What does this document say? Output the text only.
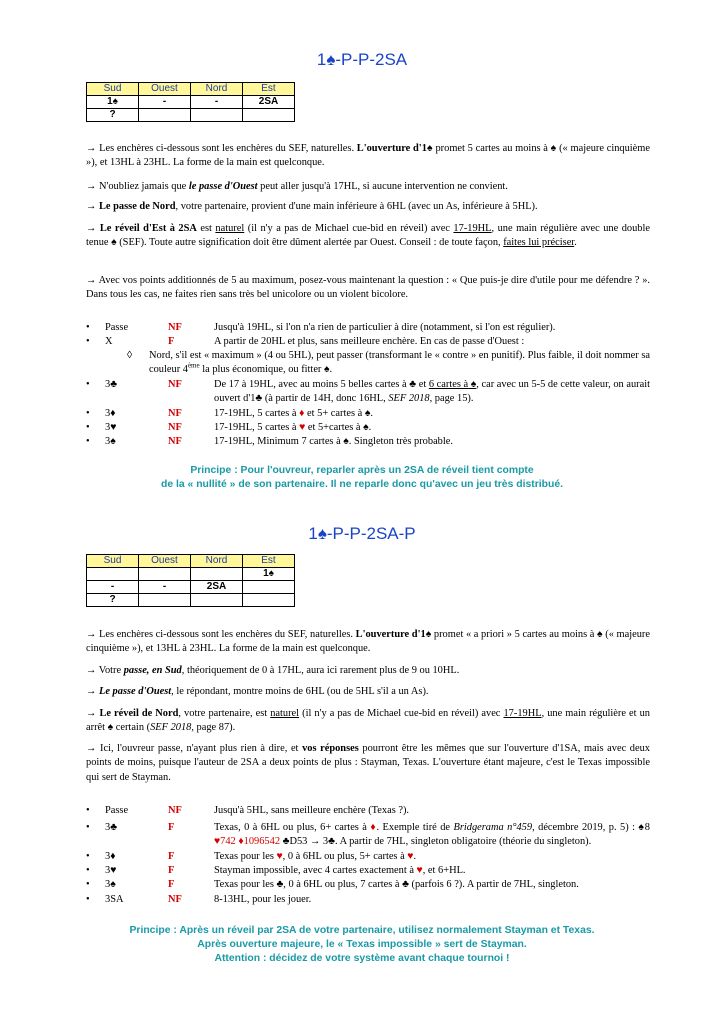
1♠-P-P-2SA
Sud	Ouest	Nord	Est
1♠	-	-	2SA
?			
→ Les enchères ci-dessous sont les enchères du SEF, naturelles. L'ouverture d'1♠ promet 5 cartes au moins à ♠ (« majeure cinquième »), et 13HL à 23HL. La forme de la main est quelconque.
→ N'oubliez jamais que le passe d'Ouest peut aller jusqu'à 17HL, si aucune intervention ne convient.
→ Le passe de Nord, votre partenaire, provient d'une main inférieure à 6HL (avec un As, inférieure à 5HL).
→ Le réveil d'Est à 2SA est naturel (il n'y a pas de Michael cue-bid en réveil) avec 17-19HL, une main régulière avec une double tenue ♠ (SEF). Toute autre signification doit être dûment alertée par Ouest. Conseil : de toute façon, faites lui préciser.
→ Avec vos points additionnés de 5 au maximum, posez-vous maintenant la question : « Que puis-je dire d'utile pour me défendre ? ». Dans tous les cas, ne faites rien sans très bel unicolore ou un violent bicolore.
• Passe	NF	Jusqu'à 19HL, si l'on n'a rien de particulier à dire (notamment, si l'on est régulier).
• X	F	A partir de 20HL et plus, sans meilleure enchère. En cas de passe d'Ouest :
◊	Nord, s'il est « maximum » (4 ou 5HL), peut passer (transformant le « contre » en punitif). Plus faible, il doit nommer sa couleur 4ème la plus économique, ou fitter ♠.
• 3♣	NF	De 17 à 19HL, avec au moins 5 belles cartes à ♣ et 6 cartes à ♠, car avec un 5-5 de cette valeur, on aurait ouvert d'1♣ (à partir de 14H, donc 16HL, SEF 2018, page 15).
• 3♦	NF	17-19HL, 5 cartes à ♦ et 5+ cartes à ♠.
• 3♥	NF	17-19HL, 5 cartes à ♥ et 5+cartes à ♠.
• 3♠	NF	17-19HL, Minimum 7 cartes à ♠. Singleton très probable.
Principe : Pour l'ouvreur, reparler après un 2SA de réveil tient compte
de la « nullité » de son partenaire. Il ne reparle donc qu'avec un jeu très distribué.
1♠-P-P-2SA-P
Sud	Ouest	Nord	Est
			1♠
-	-	2SA	
?			
→ Les enchères ci-dessous sont les enchères du SEF, naturelles. L'ouverture d'1♠ promet « a priori » 5 cartes au moins à ♠ (« majeure cinquième »), et 13HL à 23HL. La forme de la main est quelconque.
→ Votre passe, en Sud, théoriquement de 0 à 17HL, aura ici rarement plus de 9 ou 10HL.
→ Le passe d'Ouest, le répondant, montre moins de 6HL (ou de 5HL s'il a un As).
→ Le réveil de Nord, votre partenaire, est naturel (il n'y a pas de Michael cue-bid en réveil) avec 17-19HL, une main régulière et un arrêt ♠ certain (SEF 2018, page 87).
→ Ici, l'ouvreur passe, n'ayant plus rien à dire, et vos réponses pourront être les mêmes que sur l'ouverture d'1SA, mais avec deux points de moins, puisque l'auteur de 2SA a deux points de plus : Stayman, Texas. L'ouverture étant majeure, c'est le Texas impossible qui sert de Stayman.
• Passe	NF	Jusqu'à 5HL, sans meilleure enchère (Texas ?).
• 3♣	F	Texas, 0 à 6HL ou plus, 6+ cartes à ♦. Exemple tiré de Bridgerama n°459, décembre 2019, p. 5) : ♠8 ♥742 ♦1096542 ♣D53 → 3♣. A partir de 7HL, singleton obligatoire (théorie du singleton).
• 3♦	F	Texas pour les ♥, 0 à 6HL ou plus, 5+ cartes à ♥.
• 3♥	F	Stayman impossible, avec 4 cartes exactement à ♥, et 6+HL.
• 3♠	F	Texas pour les ♣, 0 à 6HL ou plus, 7 cartes à ♣ (parfois 6 ?). A partir de 7HL, singleton.
• 3SA	NF	8-13HL, pour les jouer.
Principe : Après un réveil par 2SA de votre partenaire, utilisez normalement Stayman et Texas.
Après ouverture majeure, le « Texas impossible » sert de Stayman.
Attention : décidez de votre système avant chaque tournoi !
